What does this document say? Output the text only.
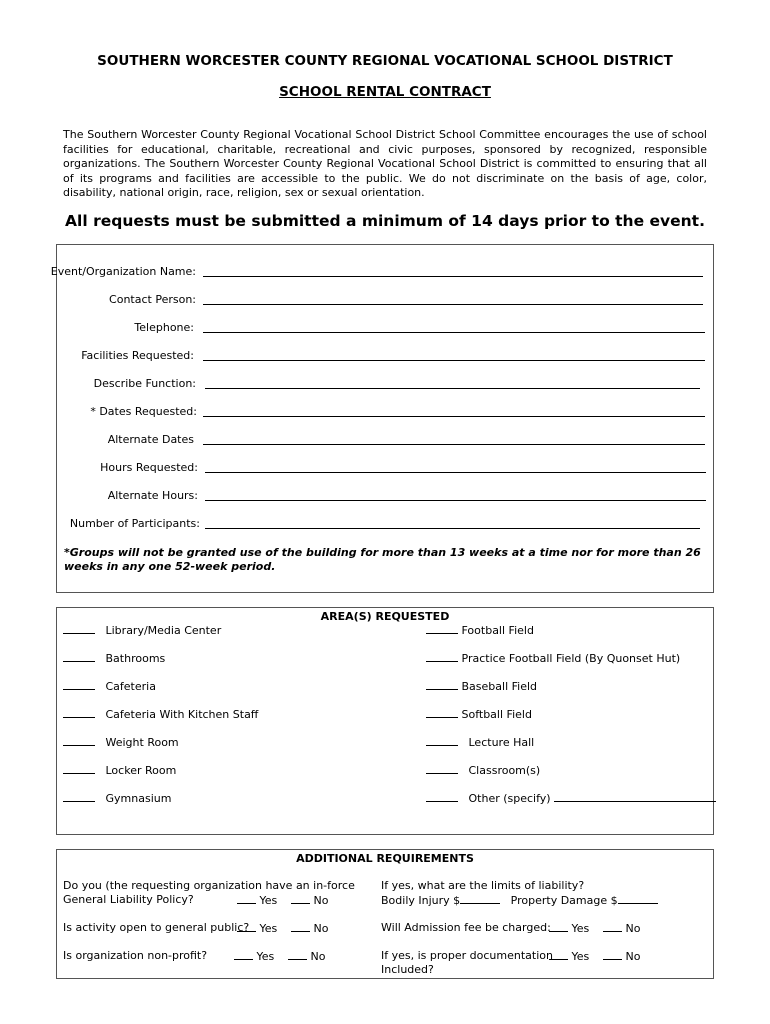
SOUTHERN WORCESTER COUNTY REGIONAL VOCATIONAL SCHOOL DISTRICT
SCHOOL RENTAL CONTRACT
The Southern Worcester County Regional Vocational School District School Committee encourages the use of school facilities for educational, charitable, recreational and civic purposes, sponsored by recognized, responsible organizations. The Southern Worcester County Regional Vocational School District is committed to ensuring that all of its programs and facilities are accessible to the public. We do not discriminate on the basis of age, color, disability, national origin, race, religion, sex or sexual orientation.
All requests must be submitted a minimum of 14 days prior to the event.
Event/Organization Name:
Contact Person:
Telephone:
Facilities Requested:
Describe Function:
* Dates Requested:
Alternate Dates
Hours Requested:
Alternate Hours:
Number of Participants:
*Groups will not be granted use of the building for more than 13 weeks at a time nor for more than 26 weeks in any one 52-week period.
AREA(S) REQUESTED
Library/Media Center
Bathrooms
Cafeteria
Cafeteria With Kitchen Staff
Weight Room
Locker Room
Gymnasium
Football Field
Practice Football Field (By Quonset Hut)
Baseball Field
Softball Field
Lecture Hall
Classroom(s)
Other (specify)
ADDITIONAL REQUIREMENTS
Do you (the requesting organization have an in-force
General Liability Policy?	Yes	No
Is activity open to general public? Yes	No
Is organization non-profit?	Yes	No
If yes, what are the limits of liability?
Bodily Injury $	Property Damage $
Will Admission fee be charged:	Yes	No
If yes, is proper documentation
Included?
Yes	No
